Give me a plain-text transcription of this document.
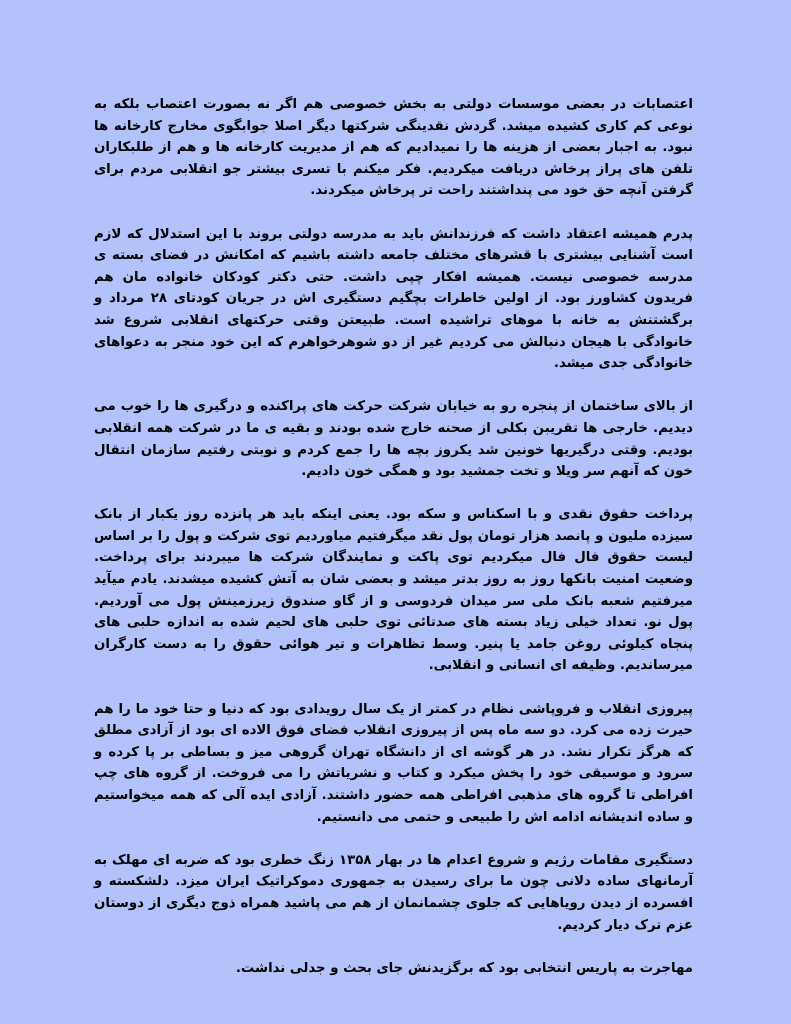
اعتصابات در بعضی موسسات دولتی به بخش خصوصی هم اگر نه بصورت اعتصاب بلکه به نوعی کم کاری کشیده میشد. گردش نقدینگی شرکتها دیگر اصلا جوابگوی مخارج کارخانه ها نبود. به اجبار بعضی از هزینه ها را نمیدادیم که هم از مدیریت کارخانه ها و هم از طلبکاران تلفن های پراز پرخاش دریافت میکردیم. فکر میکنم با تسری بیشتر جو انقلابی مردم برای گرفتن آنچه حق خود می پنداشتند راحت تر پرخاش میکردند.

پدرم همیشه اعتقاد داشت که فرزندانش باید به مدرسه دولتی بروند با این استدلال که لازم است آشنایی بیشتری با قشرهای مختلف جامعه داشته باشیم که امکانش در فضای بسته ی مدرسه خصوصی نیست. همیشه افکار چپی داشت. حتی دکتر کودکان خانواده مان هم فریدون کشاورز بود. از اولین خاطرات بچگیم دستگیری اش در جریان کودتای ۲۸ مرداد و برگشتنش به خانه با موهای تراشیده است. طبیعتن وقتی حرکتهای انقلابی شروع شد خانوادگی با هیجان دنبالش می کردیم غیر از دو شوهرخواهرم که این خود منجر به دعواهای خانوادگی جدی میشد.

از بالای ساختمان از پنجره رو به خیابان شرکت حرکت های پراکنده و درگیری ها را خوب می دیدیم. خارجی ها تقریبن بکلی از صحنه خارج شده بودند و بقیه ی ما در شرکت همه انقلابی بودیم. وقتی درگیریها خونین شد یکروز بچه ها را جمع کردم و نوبتی رفتیم سازمان انتقال خون که آنهم سر ویلا و تخت جمشید بود و همگی خون دادیم.

پرداخت حقوق نقدی و با اسکناس و سکه بود. یعنی اینکه باید هر پانزده روز یکبار از بانک سیزده ملیون و پانصد هزار تومان پول نقد میگرفتیم میاوردیم توی شرکت و پول را بر اساس لیست حقوق فال فال میکردیم توی پاکت و نمایندگان شرکت ها میبردند برای پرداخت. وضعیت امنیت بانکها روز به روز بدتر میشد و بعضی شان به آتش کشیده میشدند. یادم میآید میرفتیم شعبه بانک ملی سر میدان فردوسی و از گاو صندوق زیرزمینش پول می آوردیم. پول نو. تعداد خیلی زیاد بسته های صدتائی توی حلبی های لحیم شده به اندازه حلبی های پنجاه کیلوئی روغن جامد یا پنیر. وسط تظاهرات و تیر هوائی حقوق را به دست کارگران میرساندیم. وظیفه ای انسانی و انقلابی.

پیروزی انقلاب و فروپاشی نظام در کمتر از یک سال رویدادی بود که دنیا و حتا خود ما را هم حیرت زده می کرد. دو سه ماه پس از پیروزی انقلاب فضای فوق الاده ای بود از آزادی مطلق که هرگز تکرار نشد. در هر گوشه ای از دانشگاه تهران گروهی میز و بساطی بر پا کرده و سرود و موسیقی خود را پخش میکرد و کتاب و نشریاتش را می فروخت. از گروه های چپ افراطی تا گروه های مذهبی افراطی همه حضور داشتند. آزادی ایده آلی که همه میخواستیم و ساده اندیشانه ادامه اش را طبیعی و حتمی می دانستیم.

دستگیری مقامات رژیم و شروع اعدام ها در بهار ۱۳۵۸ زنگ خطری بود که ضربه ای مهلک به آرمانهای ساده دلانی چون ما برای رسیدن به جمهوری دموکراتیک ایران میزد. دلشکسته و افسرده از دیدن رویاهایی که جلوی چشمانمان از هم می پاشید همراه ذوج دیگری از دوستان عزم ترک دیار کردیم.

مهاجرت به پاریس انتخابی بود که برگزیدنش جای بحث و جدلی نداشت.
